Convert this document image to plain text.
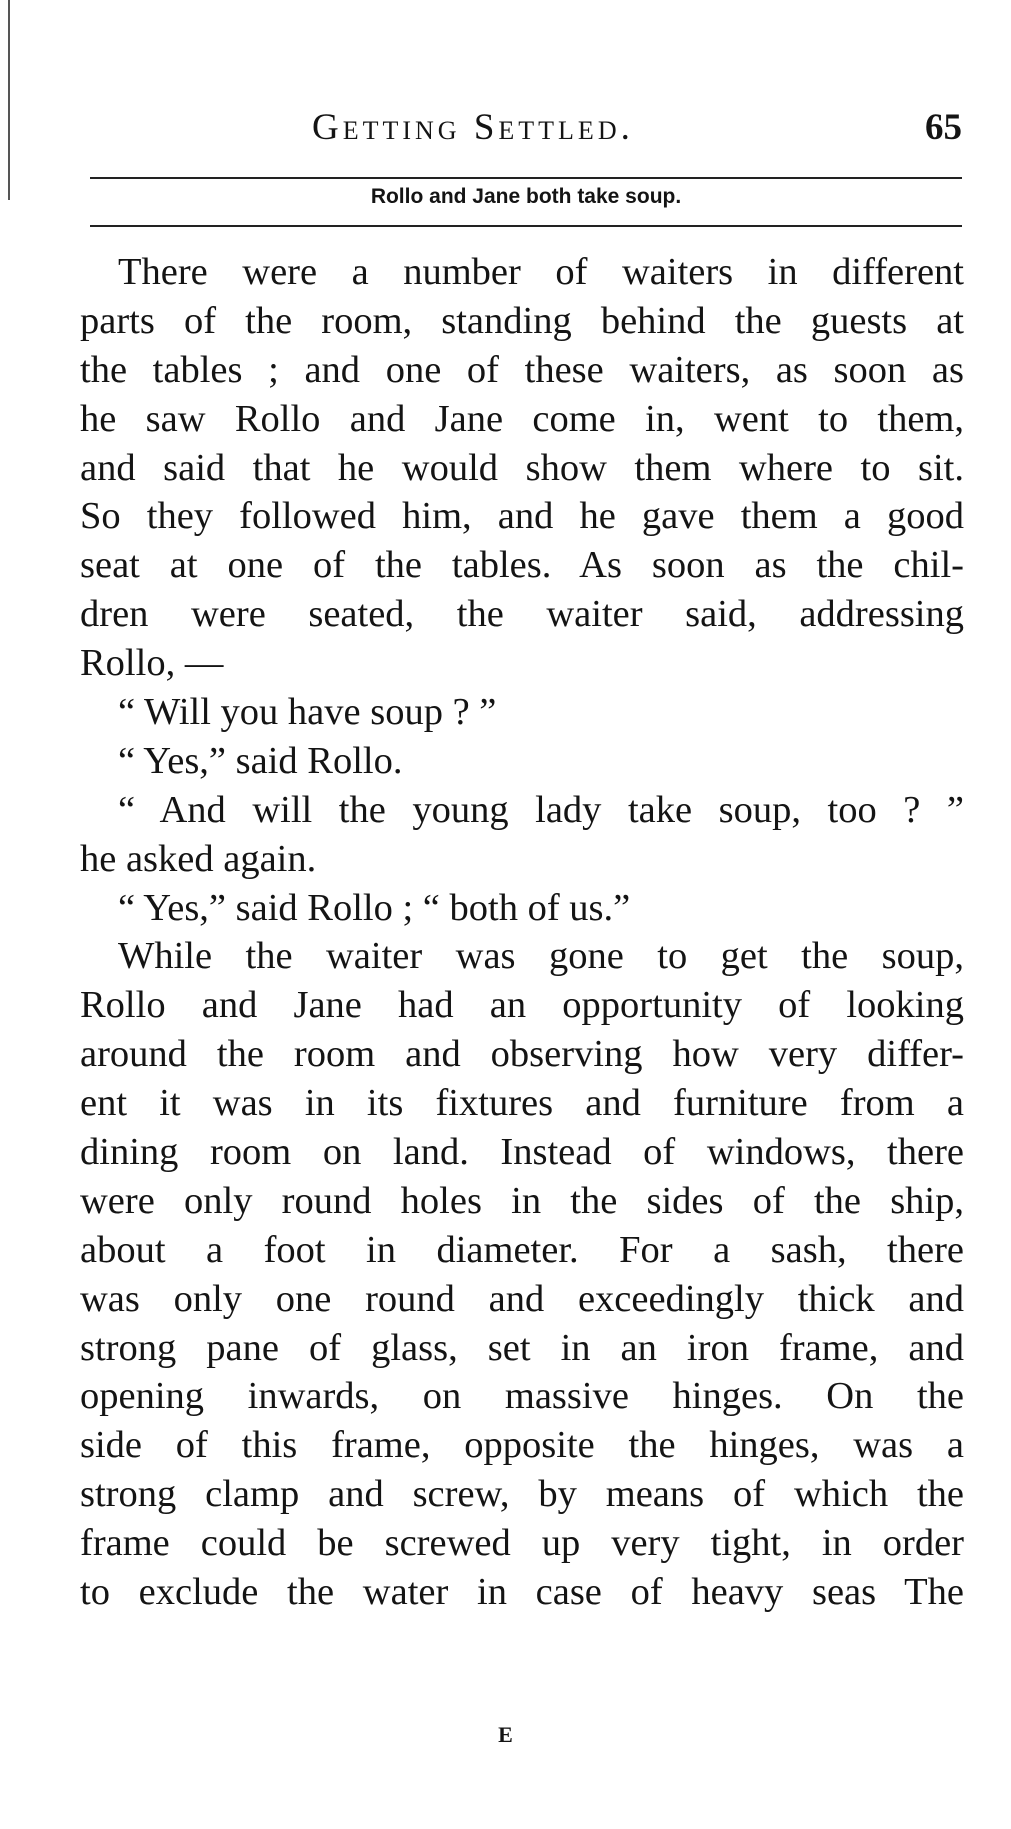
Getting Settled.	65
Rollo and Jane both take soup.
There were a number of waiters in different
parts of the room, standing behind the guests at
the tables ; and one of these waiters, as soon as
he saw Rollo and Jane come in, went to them,
and said that he would show them where to sit.
So they followed him, and he gave them a good
seat at one of the tables. As soon as the chil-
dren were seated, the waiter said, addressing
Rollo, —
“ Will you have soup ? ”
“ Yes,” said Rollo.
“ And will the young lady take soup, too ? ”
he asked again.
“ Yes,” said Rollo ; “ both of us.”
While the waiter was gone to get the soup,
Rollo and Jane had an opportunity of looking
around the room and observing how very differ-
ent it was in its fixtures and furniture from a
dining room on land. Instead of windows, there
were only round holes in the sides of the ship,
about a foot in diameter. For a sash, there
was only one round and exceedingly thick and
strong pane of glass, set in an iron frame, and
opening inwards, on massive hinges. On the
side of this frame, opposite the hinges, was a
strong clamp and screw, by means of which the
frame could be screwed up very tight, in order
to exclude the water in case of heavy seas The
E
